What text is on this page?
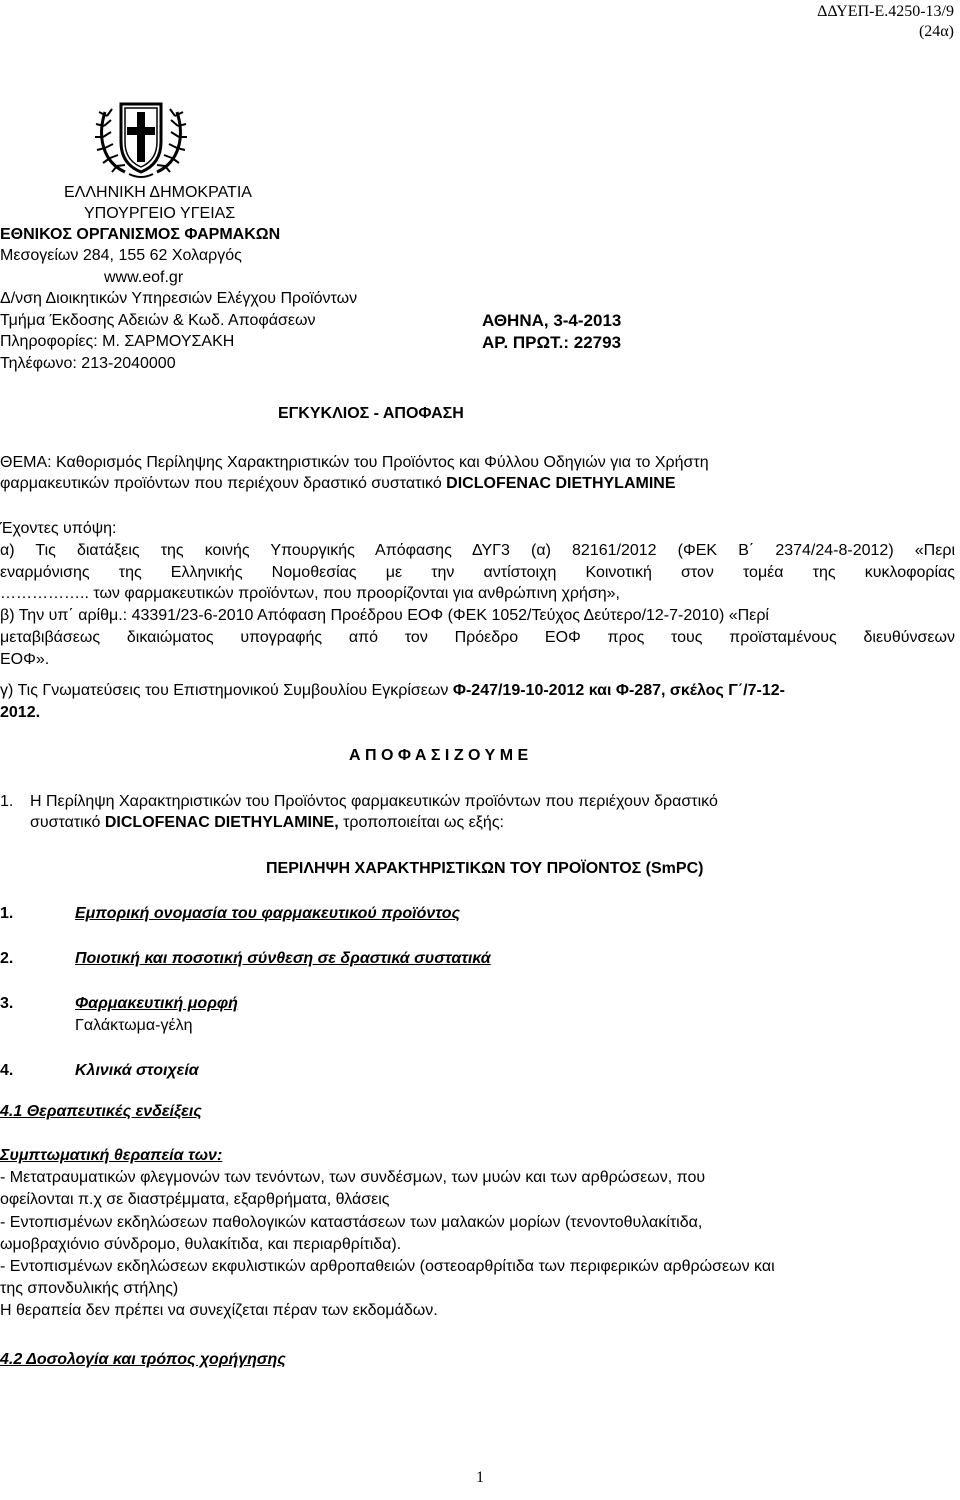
ΔΔΥΕΠ-Ε.4250-13/9
(24α)
ΕΛΛΗΝΙΚΗ ΔΗΜΟΚΡΑΤΙΑ
ΥΠΟΥΡΓΕΙΟ ΥΓΕΙΑΣ
ΕΘΝΙΚΟΣ ΟΡΓΑΝΙΣΜΟΣ ΦΑΡΜΑΚΩΝ
Μεσογείων 284, 155 62 Χολαργός
www.eof.gr
Δ/νση Διοικητικών Υπηρεσιών Ελέγχου Προϊόντων
Τμήμα Έκδοσης Αδειών & Κωδ. Αποφάσεων
Πληροφορίες: Μ. ΣΑΡΜΟΥΣΑΚΗ
Τηλέφωνο: 213-2040000
ΑΘΗΝΑ, 3-4-2013
ΑΡ. ΠΡΩΤ.: 22793
ΕΓΚΥΚΛΙΟΣ - ΑΠΟΦΑΣΗ
ΘΕΜΑ: Καθορισμός Περίληψης Χαρακτηριστικών του Προϊόντος και Φύλλου Οδηγιών για το Χρήστη
φαρμακευτικών προϊόντων που περιέχουν δραστικό συστατικό DICLOFENAC DIETHYLAMINE
Έχοντες υπόψη:
α) Τις διατάξεις της κοινής Υπουργικής Απόφασης ΔΥΓ3 (α) 82161/2012 (ΦΕΚ Β΄ 2374/24-8-2012) «Περι
εναρμόνισης της Ελληνικής Νομοθεσίας με την αντίστοιχη Κοινοτική στον τομέα της κυκλοφορίας
…………….. των φαρμακευτικών προϊόντων, που προορίζονται για ανθρώπινη χρήση»,
β) Την υπ΄ αρίθμ.: 43391/23-6-2010 Απόφαση Προέδρου ΕΟΦ (ΦΕΚ 1052/Τεύχος Δεύτερο/12-7-2010) «Περί
μεταβιβάσεως δικαιώματος υπογραφής από τον Πρόεδρο ΕΟΦ προς τους προϊσταμένους διευθύνσεων
ΕΟΦ».
γ) Τις Γνωματεύσεις του Επιστημονικού Συμβουλίου Εγκρίσεων Φ-247/19-10-2012 και Φ-287, σκέλος Γ΄/7-12-
2012.
Α Π Ο Φ Α Σ Ι Ζ Ο Υ Μ Ε
1. Η Περίληψη Χαρακτηριστικών του Προϊόντος φαρμακευτικών προϊόντων που περιέχουν δραστικό
συστατικό DICLOFENAC DIETHYLAMINE, τροποποιείται ως εξής:
ΠΕΡΙΛΗΨΗ ΧΑΡΑΚΤΗΡΙΣΤΙΚΩΝ ΤΟΥ ΠΡΟΪΟΝΤΟΣ (SmPC)
1.	Εμπορική ονομασία του φαρμακευτικού προϊόντος
2.	Ποιοτική και ποσοτική σύνθεση σε δραστικά συστατικά
3.	Φαρμακευτική μορφή
Γαλάκτωμα-γέλη
4.	Κλινικά στοιχεία
4.1 Θεραπευτικές ενδείξεις
Συμπτωματική θεραπεία των:
- Μετατραυματικών φλεγμονών των τενόντων, των συνδέσμων, των μυών και των αρθρώσεων, που
οφείλονται π.χ σε διαστρέμματα, εξαρθρήματα, θλάσεις
- Εντοπισμένων εκδηλώσεων παθολογικών καταστάσεων των μαλακών μορίων (τενοντοθυλακίτιδα,
ωμοβραχιόνιο σύνδρομο, θυλακίτιδα, και περιαρθρίτιδα).
- Εντοπισμένων εκδηλώσεων εκφυλιστικών αρθροπαθειών (οστεοαρθρίτιδα των περιφερικών αρθρώσεων και
της σπονδυλικής στήλης)
Η θεραπεία δεν πρέπει να συνεχίζεται πέραν των εκδομάδων.
4.2 Δοσολογία και τρόπος χορήγησης
1
